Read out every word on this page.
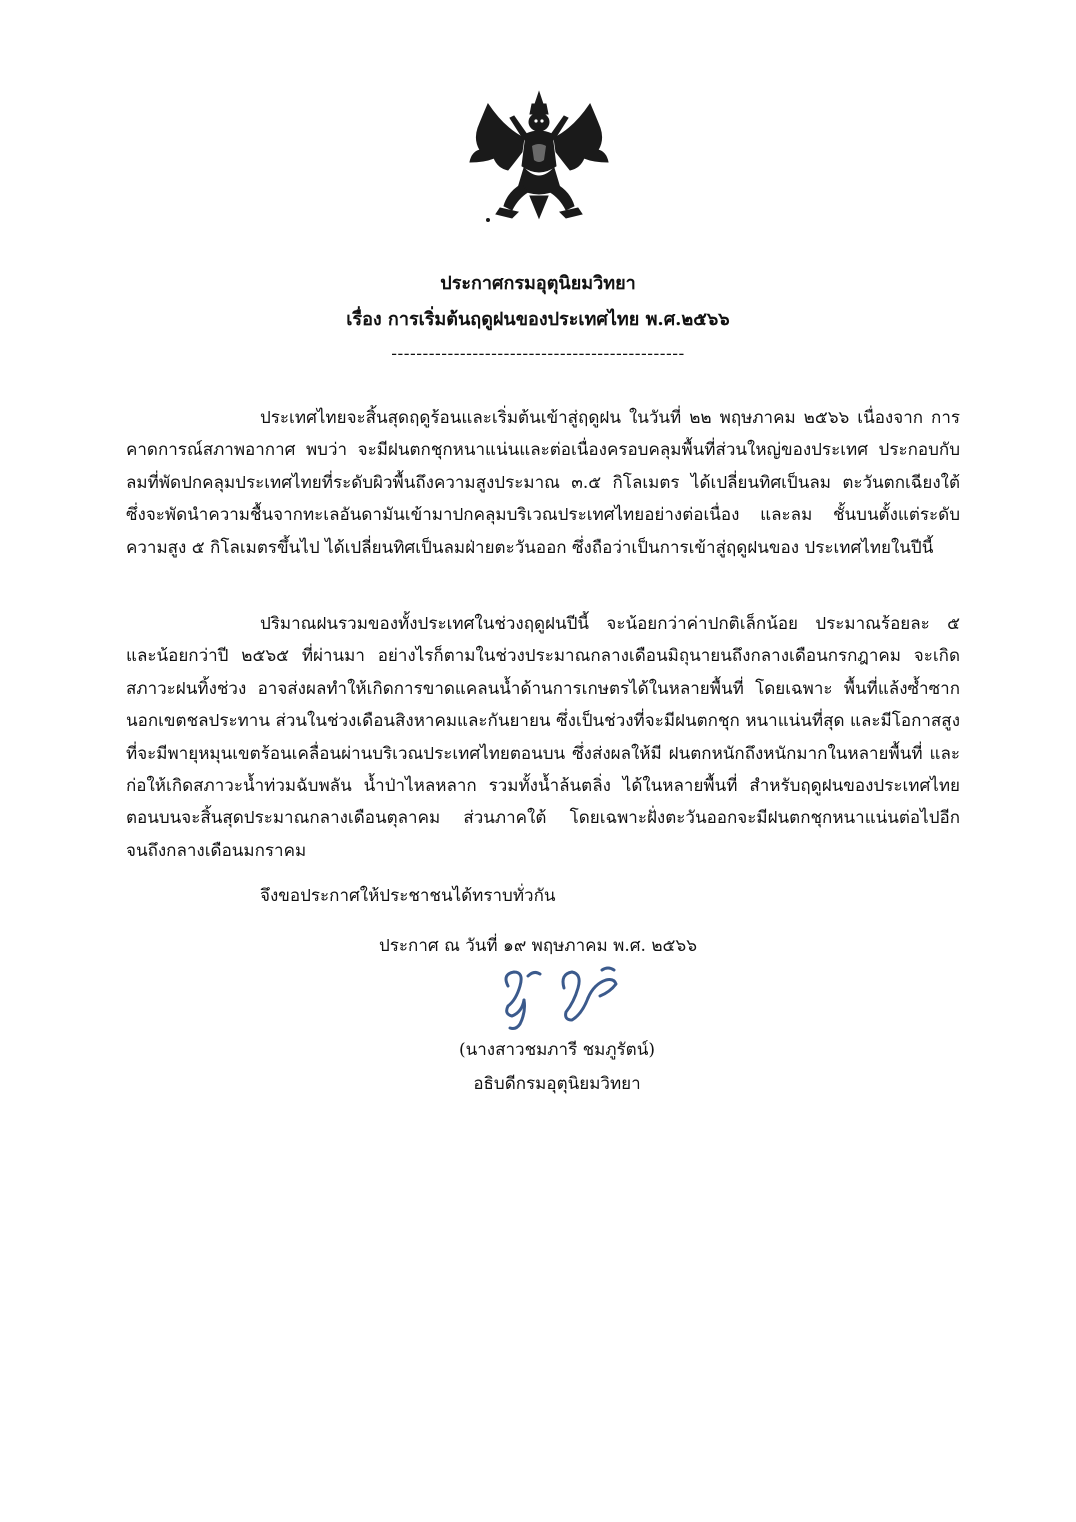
ประกาศกรมอุตุนิยมวิทยา
เรื่อง การเริ่มต้นฤดูฝนของประเทศไทย พ.ศ.๒๕๖๖
-----------------------------------------------
ประเทศไทยจะสิ้นสุดฤดูร้อนและเริ่มต้นเข้าสู่ฤดูฝน ในวันที่ ๒๒ พฤษภาคม ๒๕๖๖ เนื่องจาก การคาดการณ์สภาพอากาศ พบว่า จะมีฝนตกชุกหนาแน่นและต่อเนื่องครอบคลุมพื้นที่ส่วนใหญ่ของประเทศ ประกอบกับลมที่พัดปกคลุมประเทศไทยที่ระดับผิวพื้นถึงความสูงประมาณ ๓.๕ กิโลเมตร ได้เปลี่ยนทิศเป็นลม ตะวันตกเฉียงใต้ ซึ่งจะพัดนำความชื้นจากทะเลอันดามันเข้ามาปกคลุมบริเวณประเทศไทยอย่างต่อเนื่อง และลม ชั้นบนตั้งแต่ระดับความสูง ๕ กิโลเมตรขึ้นไป ได้เปลี่ยนทิศเป็นลมฝ่ายตะวันออก ซึ่งถือว่าเป็นการเข้าสู่ฤดูฝนของ ประเทศไทยในปีนี้
ปริมาณฝนรวมของทั้งประเทศในช่วงฤดูฝนปีนี้ จะน้อยกว่าค่าปกติเล็กน้อย ประมาณร้อยละ ๕ และน้อยกว่าปี ๒๕๖๕ ที่ผ่านมา อย่างไรก็ตามในช่วงประมาณกลางเดือนมิถุนายนถึงกลางเดือนกรกฎาคม จะเกิดสภาวะฝนทิ้งช่วง อาจส่งผลทำให้เกิดการขาดแคลนน้ำด้านการเกษตรได้ในหลายพื้นที่ โดยเฉพาะ พื้นที่แล้งซ้ำซากนอกเขตชลประทาน ส่วนในช่วงเดือนสิงหาคมและกันยายน ซึ่งเป็นช่วงที่จะมีฝนตกชุก หนาแน่นที่สุด และมีโอกาสสูงที่จะมีพายุหมุนเขตร้อนเคลื่อนผ่านบริเวณประเทศไทยตอนบน ซึ่งส่งผลให้มี ฝนตกหนักถึงหนักมากในหลายพื้นที่ และก่อให้เกิดสภาวะน้ำท่วมฉับพลัน น้ำป่าไหลหลาก รวมทั้งน้ำล้นตลิ่ง ได้ในหลายพื้นที่ สำหรับฤดูฝนของประเทศไทยตอนบนจะสิ้นสุดประมาณกลางเดือนตุลาคม ส่วนภาคใต้ โดยเฉพาะฝั่งตะวันออกจะมีฝนตกชุกหนาแน่นต่อไปอีกจนถึงกลางเดือนมกราคม
จึงขอประกาศให้ประชาชนได้ทราบทั่วกัน
ประกาศ ณ วันที่ ๑๙ พฤษภาคม พ.ศ. ๒๕๖๖
(นางสาวชมภารี ชมภูรัตน์)
อธิบดีกรมอุตุนิยมวิทยา
